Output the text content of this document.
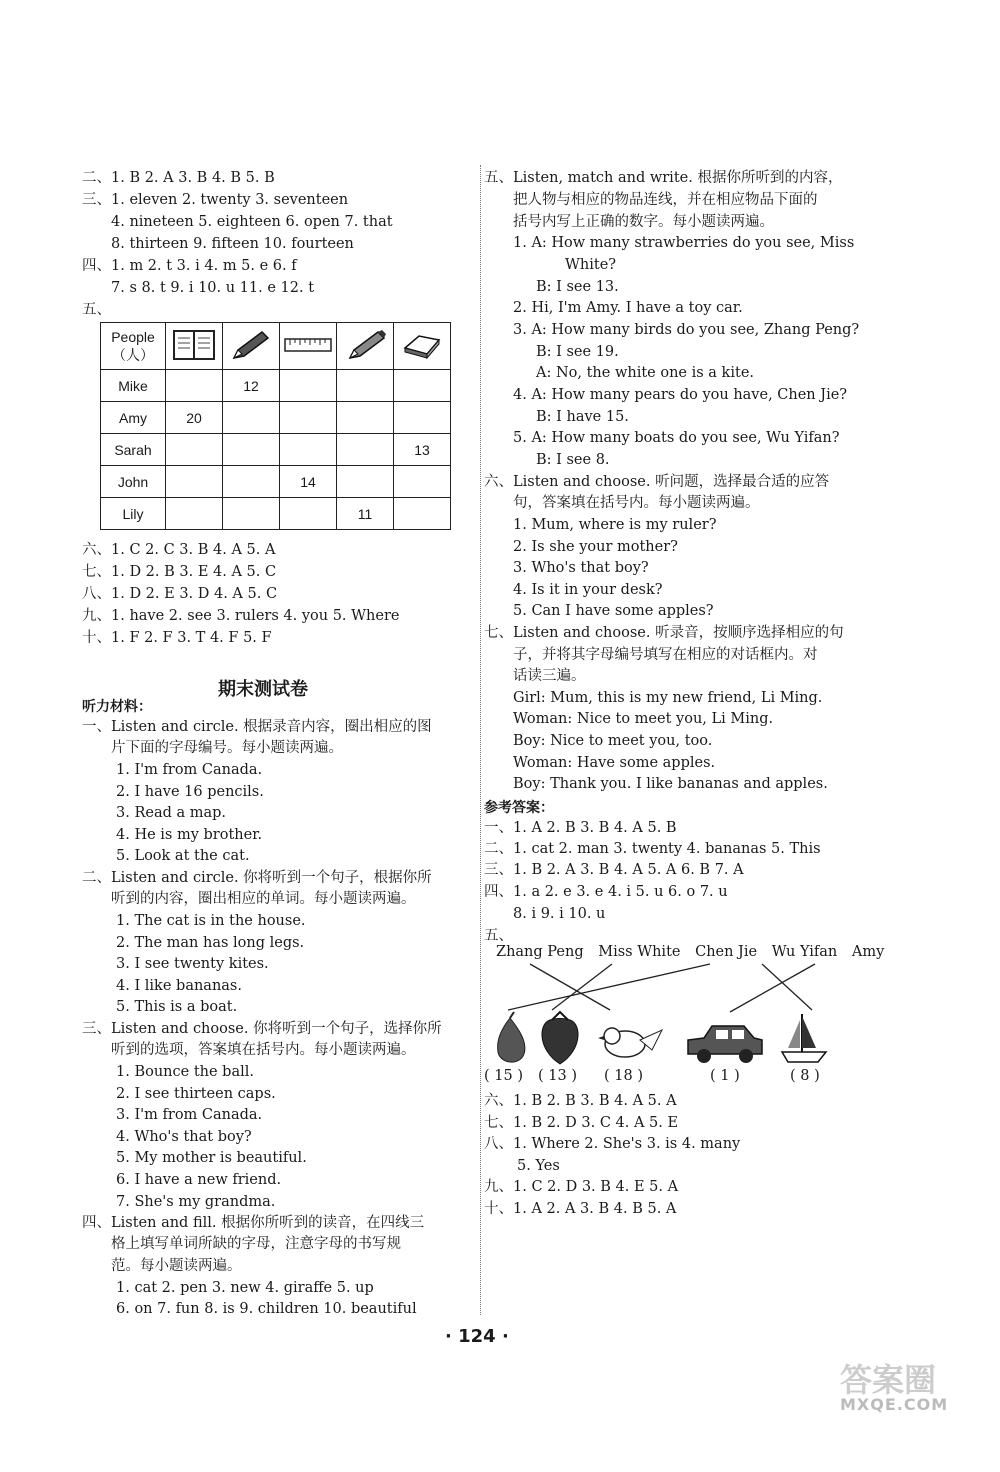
二、1. B 2. A 3. B 4. B 5. B
三、1. eleven 2. twenty 3. seventeen
4. nineteen 5. eighteen 6. open 7. that
8. thirteen 9. fifteen 10. fourteen
四、1. m 2. t 3. i 4. m 5. e 6. f
7. s 8. t 9. i 10. u 11. e 12. t
五、
People
（人）					
Mike		12			
Amy	20				
Sarah					13
John			14		
Lily				11	
六、1. C 2. C 3. B 4. A 5. A
七、1. D 2. B 3. E 4. A 5. C
八、1. D 2. E 3. D 4. A 5. C
九、1. have 2. see 3. rulers 4. you 5. Where
十、1. F 2. F 3. T 4. F 5. F
期末测试卷
听力材料：
一、Listen and circle. 根据录音内容，圈出相应的图
片下面的字母编号。每小题读两遍。
1. I'm from Canada.
2. I have 16 pencils.
3. Read a map.
4. He is my brother.
5. Look at the cat.
二、Listen and circle. 你将听到一个句子，根据你所
听到的内容，圈出相应的单词。每小题读两遍。
1. The cat is in the house.
2. The man has long legs.
3. I see twenty kites.
4. I like bananas.
5. This is a boat.
三、Listen and choose. 你将听到一个句子，选择你所
听到的选项，答案填在括号内。每小题读两遍。
1. Bounce the ball.
2. I see thirteen caps.
3. I'm from Canada.
4. Who's that boy?
5. My mother is beautiful.
6. I have a new friend.
7. She's my grandma.
四、Listen and fill. 根据你所听到的读音，在四线三
格上填写单词所缺的字母，注意字母的书写规
范。每小题读两遍。
1. cat 2. pen 3. new 4. giraffe 5. up
6. on 7. fun 8. is 9. children 10. beautiful
五、Listen, match and write. 根据你所听到的内容，
把人物与相应的物品连线，并在相应物品下面的
括号内写上正确的数字。每小题读两遍。
1. A: How many strawberries do you see, Miss
White?
B: I see 13.
2. Hi, I'm Amy. I have a toy car.
3. A: How many birds do you see, Zhang Peng?
B: I see 19.
A: No, the white one is a kite.
4. A: How many pears do you have, Chen Jie?
B: I have 15.
5. A: How many boats do you see, Wu Yifan?
B: I see 8.
六、Listen and choose. 听问题，选择最合适的应答
句，答案填在括号内。每小题读两遍。
1. Mum, where is my ruler?
2. Is she your mother?
3. Who's that boy?
4. Is it in your desk?
5. Can I have some apples?
七、Listen and choose. 听录音，按顺序选择相应的句
子，并将其字母编号填写在相应的对话框内。对
话读三遍。
Girl: Mum, this is my new friend, Li Ming.
Woman: Nice to meet you, Li Ming.
Boy: Nice to meet you, too.
Woman: Have some apples.
Boy: Thank you. I like bananas and apples.
参考答案：
一、1. A 2. B 3. B 4. A 5. B
二、1. cat 2. man 3. twenty 4. bananas 5. This
三、1. B 2. A 3. B 4. A 5. A 6. B 7. A
四、1. a 2. e 3. e 4. i 5. u 6. o 7. u
8. i 9. i 10. u
五、
Zhang Peng Miss White Chen Jie Wu Yifan Amy
( 15 ) ( 13 ) ( 18 )	( 1 )	( 8 )
六、1. B 2. B 3. B 4. A 5. A
七、1. B 2. D 3. C 4. A 5. E
八、1. Where 2. She's 3. is 4. many
5. Yes
九、1. C 2. D 3. B 4. E 5. A
十、1. A 2. A 3. B 4. B 5. A
· 124 ·
答案圈
MXQE.COM
